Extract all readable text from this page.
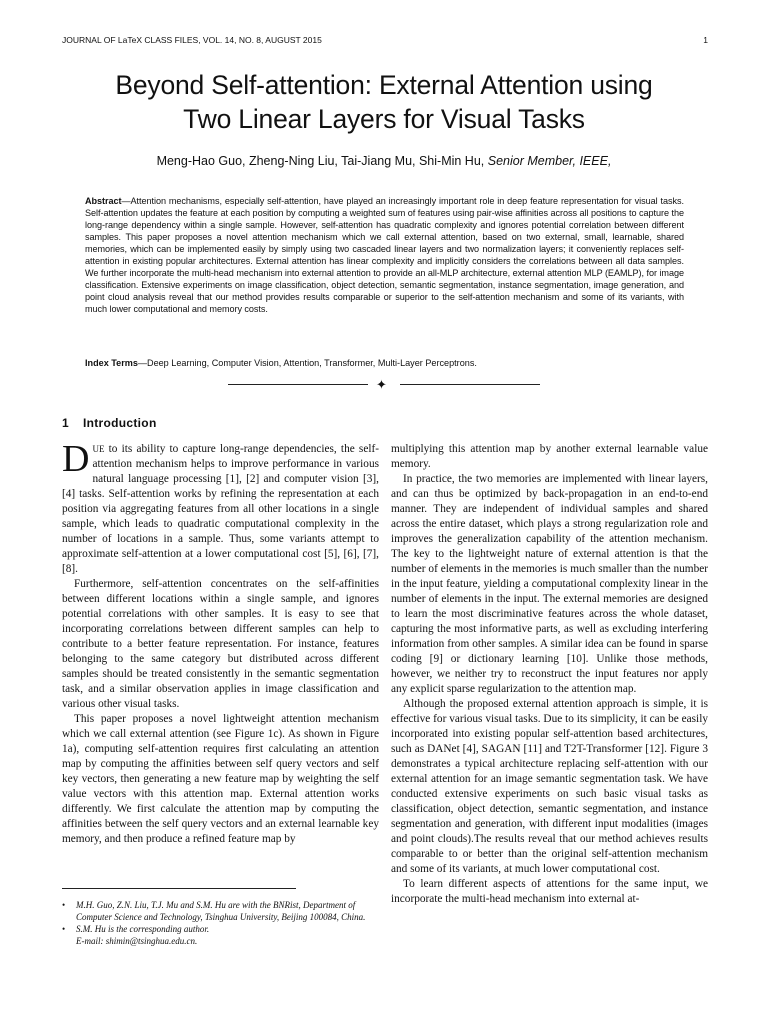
JOURNAL OF LaTeX CLASS FILES, VOL. 14, NO. 8, AUGUST 2015	1
Beyond Self-attention: External Attention using
Two Linear Layers for Visual Tasks
Meng-Hao Guo, Zheng-Ning Liu, Tai-Jiang Mu, Shi-Min Hu, Senior Member, IEEE,
Abstract—Attention mechanisms, especially self-attention, have played an increasingly important role in deep feature representation for visual tasks. Self-attention updates the feature at each position by computing a weighted sum of features using pair-wise affinities across all positions to capture the long-range dependency within a single sample. However, self-attention has quadratic complexity and ignores potential correlation between different samples. This paper proposes a novel attention mechanism which we call external attention, based on two external, small, learnable, shared memories, which can be implemented easily by simply using two cascaded linear layers and two normalization layers; it conveniently replaces self-attention in existing popular architectures. External attention has linear complexity and implicitly considers the correlations between all data samples. We further incorporate the multi-head mechanism into external attention to provide an all-MLP architecture, external attention MLP (EAMLP), for image classification. Extensive experiments on image classification, object detection, semantic segmentation, instance segmentation, image generation, and point cloud analysis reveal that our method provides results comparable or superior to the self-attention mechanism and some of its variants, with much lower computational and memory costs.
Index Terms—Deep Learning, Computer Vision, Attention, Transformer, Multi-Layer Perceptrons.
✦
1 Introduction

DUE to its ability to capture long-range dependencies, the self-attention mechanism helps to improve performance in various natural language processing [1], [2] and computer vision [3], [4] tasks. Self-attention works by refining the representation at each position via aggregating features from all other locations in a single sample, which leads to quadratic computational complexity in the number of locations in a sample. Thus, some variants attempt to approximate self-attention at a lower computational cost [5], [6], [7], [8].

Furthermore, self-attention concentrates on the self-affinities between different locations within a single sample, and ignores potential correlations with other samples. It is easy to see that incorporating correlations between different samples can help to contribute to a better feature representation. For instance, features belonging to the same category but distributed across different samples should be treated consistently in the semantic segmentation task, and a similar observation applies in image classification and various other visual tasks.

This paper proposes a novel lightweight attention mechanism which we call external attention (see Figure 1c). As shown in Figure 1a), computing self-attention requires first calculating an attention map by computing the affinities between self query vectors and self key vectors, then generating a new feature map by weighting the self value vectors with this attention map. External attention works differently. We first calculate the attention map by computing the affinities between the self query vectors and an external learnable key memory, and then produce a refined feature map by

multiplying this attention map by another external learnable value memory.

In practice, the two memories are implemented with linear layers, and can thus be optimized by back-propagation in an end-to-end manner. They are independent of individual samples and shared across the entire dataset, which plays a strong regularization role and improves the generalization capability of the attention mechanism. The key to the lightweight nature of external attention is that the number of elements in the memories is much smaller than the number in the input feature, yielding a computational complexity linear in the number of elements in the input. The external memories are designed to learn the most discriminative features across the whole dataset, capturing the most informative parts, as well as excluding interfering information from other samples. A similar idea can be found in sparse coding [9] or dictionary learning [10]. Unlike those methods, however, we neither try to reconstruct the input features nor apply any explicit sparse regularization to the attention map.

Although the proposed external attention approach is simple, it is effective for various visual tasks. Due to its simplicity, it can be easily incorporated into existing popular self-attention based architectures, such as DANet [4], SAGAN [11] and T2T-Transformer [12]. Figure 3 demonstrates a typical architecture replacing self-attention with our external attention for an image semantic segmentation task. We have conducted extensive experiments on such basic visual tasks as classification, object detection, semantic segmentation, and instance segmentation and generation, with different input modalities (images and point clouds).The results reveal that our method achieves results comparable to or better than the original self-attention mechanism and some of its variants, at much lower computational cost.

To learn different aspects of attentions for the same input, we incorporate the multi-head mechanism into external at-

• M.H. Guo, Z.N. Liu, T.J. Mu and S.M. Hu are with the BNRist, Department of Computer Science and Technology, Tsinghua University, Beijing 100084, China.
• S.M. Hu is the corresponding author.
E-mail: shimin@tsinghua.edu.cn.
